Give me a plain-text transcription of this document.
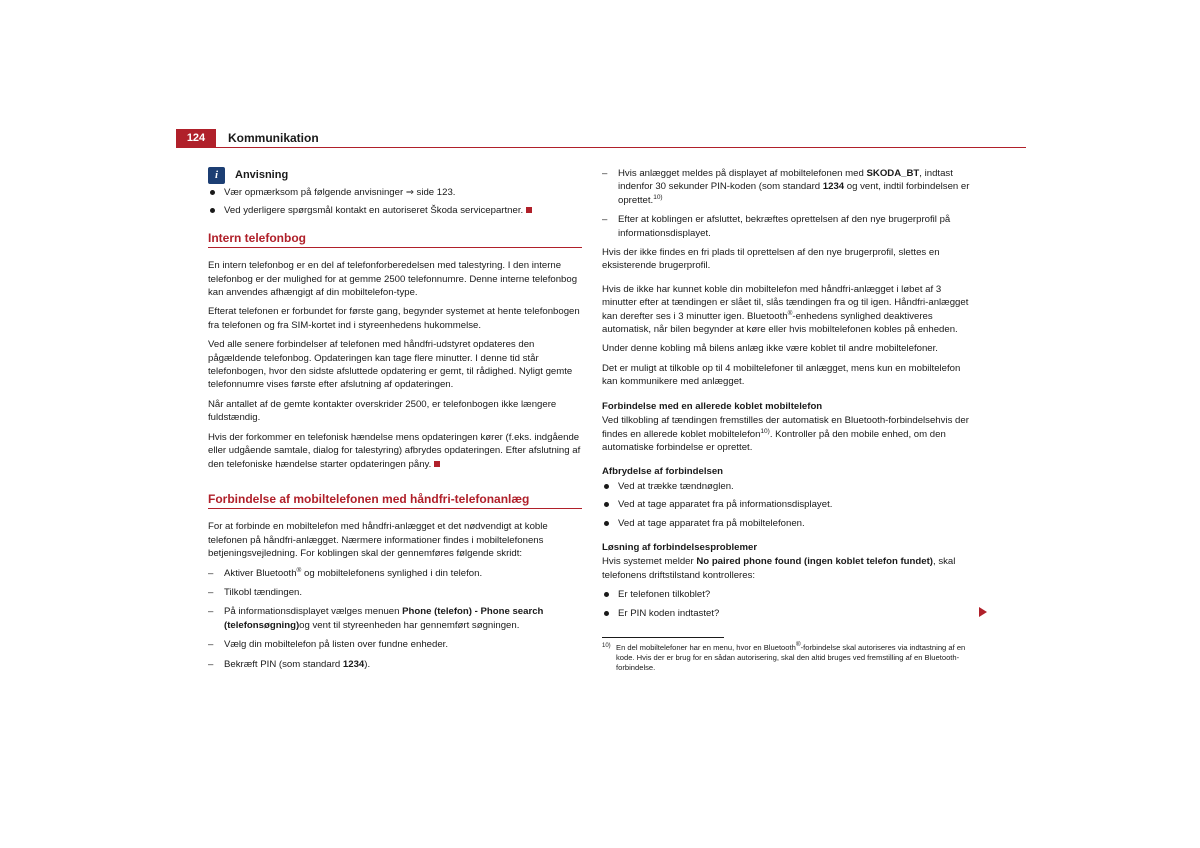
124	Kommunikation
i	Anvisning

Vær opmærksom på følgende anvisninger ⇒ side 123.

Ved yderligere spørgsmål kontakt en autoriseret Škoda servicepartner.

Intern telefonbog

En intern telefonbog er en del af telefonforberedelsen med talestyring. I den interne telefonbog er der mulighed for at gemme 2500 telefonnumre. Denne interne telefonbog kan anvendes afhængigt af din mobiltelefon-type.

Efterat telefonen er forbundet for første gang, begynder systemet at hente telefonbogen fra telefonen og fra SIM-kortet ind i styreenhedens hukommelse.

Ved alle senere forbindelser af telefonen med håndfri-udstyret opdateres den pågældende telefonbog. Opdateringen kan tage flere minutter. I denne tid står telefonbogen, hvor den sidste afsluttede opdatering er gemt, til rådighed. Nyligt gemte telefonnumre vises første efter afslutning af opdateringen.

Når antallet af de gemte kontakter overskrider 2500, er telefonbogen ikke længere fuldstændig.

Hvis der forkommer en telefonisk hændelse mens opdateringen kører (f.eks. indgående eller udgående samtale, dialog for talestyring) afbrydes opdateringen. Efter afslutning af den telefoniske hændelse starter opdateringen påny.

Forbindelse af mobiltelefonen med håndfri-telefonanlæg

For at forbinde en mobiltelefon med håndfri-anlægget et det nødvendigt at koble telefonen på håndfri-anlægget. Nærmere informationer findes i mobiltelefonens betjeningsvejledning. For koblingen skal der gennemføres følgende skridt:

– Aktiver Bluetooth® og mobiltelefonens synlighed i din telefon.

– Tilkobl tændingen.

– På informationsdisplayet vælges menuen Phone (telefon) - Phone search (telefonsøgning)og vent til styreenheden har gennemført søgningen.

– Vælg din mobiltelefon på listen over fundne enheder.

– Bekræft PIN (som standard 1234).

– Hvis anlægget meldes på displayet af mobiltelefonen med SKODA_BT, indtast indenfor 30 sekunder PIN-koden (som standard 1234 og vent, indtil forbindelsen er oprettet.$^{10)}$

– Efter at koblingen er afsluttet, bekræftes oprettelsen af den nye brugerprofil på informationsdisplayet.

Hvis der ikke findes en fri plads til oprettelsen af den nye brugerprofil, slettes en eksisterende brugerprofil.

Hvis de ikke har kunnet koble din mobiltelefon med håndfri-anlægget i løbet af 3 minutter efter at tændingen er slået til, slås tændingen fra og til igen. Håndfri-anlægget kan derefter ses i 3 minutter igen. Bluetooth®-enhedens synlighed deaktiveres automatisk, når bilen begynder at køre eller hvis mobiltelefonen kobles på enheden.

Under denne kobling må bilens anlæg ikke være koblet til andre mobiltelefoner.

Det er muligt at tilkoble op til 4 mobiltelefoner til anlægget, mens kun en mobiltelefon kan kommunikere med anlægget.

Forbindelse med en allerede koblet mobiltelefon

Ved tilkobling af tændingen fremstilles der automatisk en Bluetooth-forbindelsehvis der findes en allerede koblet mobiltelefon$^{10)}$. Kontroller på den mobile enhed, om den automatiske forbindelse er oprettet.

Afbrydelse af forbindelsen

Ved at trække tændnøglen.

Ved at tage apparatet fra på informationsdisplayet.

Ved at tage apparatet fra på mobiltelefonen.

Løsning af forbindelsesproblemer

Hvis systemet melder No paired phone found (ingen koblet telefon fundet), skal telefonens driftstilstand kontrolleres:

Er telefonen tilkoblet?

Er PIN koden indtastet?

10) En del mobiltelefoner har en menu, hvor en Bluetooth®-forbindelse skal autoriseres via indtastning af en kode. Hvis der er brug for en sådan autorisering, skal den altid bruges ved fremstilling af en Bluetooth-forbindelse.
